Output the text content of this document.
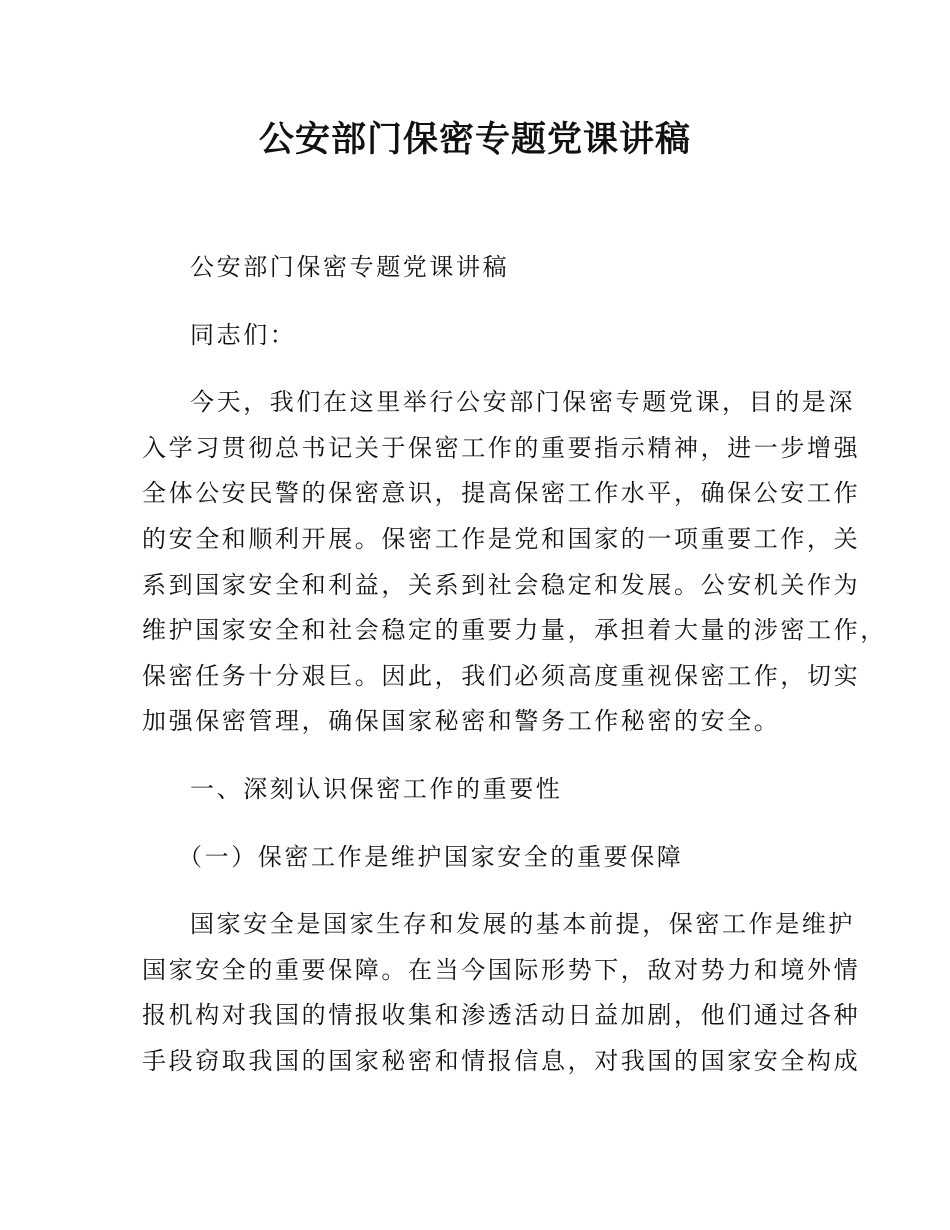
公安部门保密专题党课讲稿

公安部门保密专题党课讲稿

同志们：

今天，我们在这里举行公安部门保密专题党课，目的是深
入学习贯彻总书记关于保密工作的重要指示精神，进一步增强
全体公安民警的保密意识，提高保密工作水平，确保公安工作
的安全和顺利开展。保密工作是党和国家的一项重要工作，关
系到国家安全和利益，关系到社会稳定和发展。公安机关作为
维护国家安全和社会稳定的重要力量，承担着大量的涉密工作，
保密任务十分艰巨。因此，我们必须高度重视保密工作，切实
加强保密管理，确保国家秘密和警务工作秘密的安全。

一、深刻认识保密工作的重要性

（一）保密工作是维护国家安全的重要保障

国家安全是国家生存和发展的基本前提，保密工作是维护
国家安全的重要保障。在当今国际形势下，敌对势力和境外情
报机构对我国的情报收集和渗透活动日益加剧，他们通过各种
手段窃取我国的国家秘密和情报信息，对我国的国家安全构成
